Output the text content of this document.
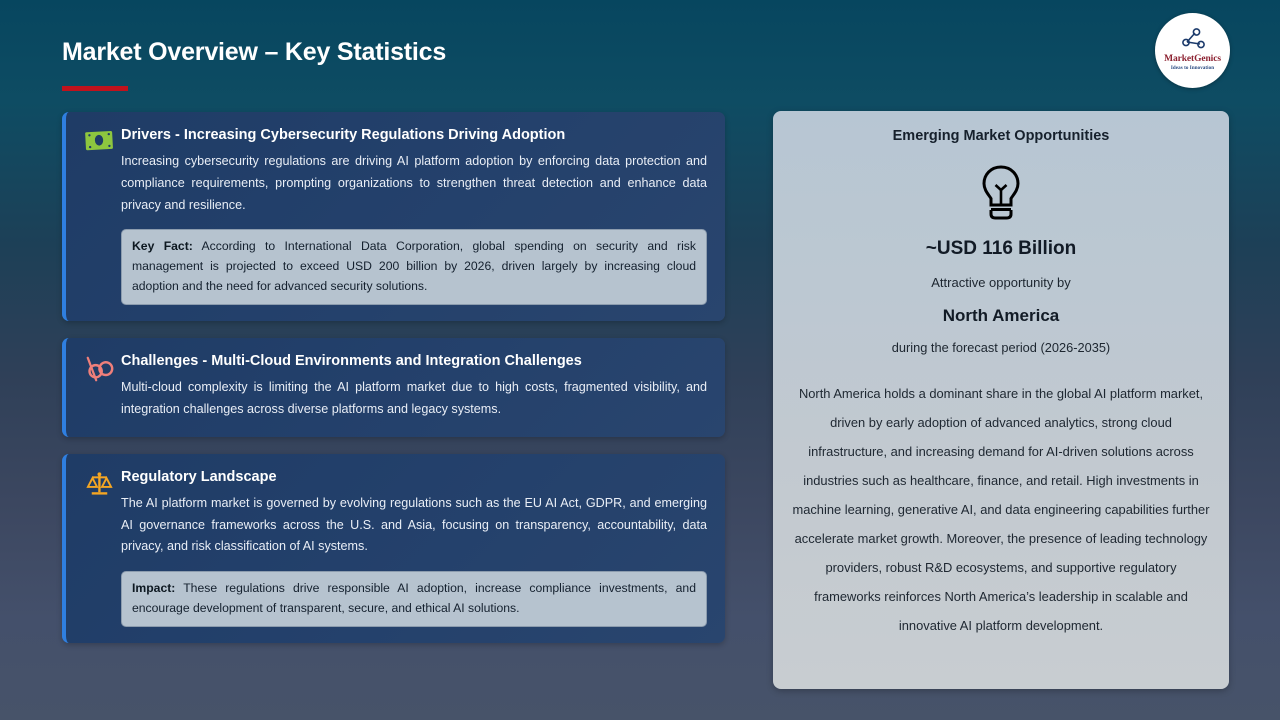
Market Overview – Key Statistics	MarketGenics
Ideas to Innovation
Drivers - Increasing Cybersecurity Regulations Driving Adoption
Increasing cybersecurity regulations are driving AI platform adoption by enforcing data protection and compliance requirements, prompting organizations to strengthen threat detection and enhance data privacy and resilience.
Key Fact: According to International Data Corporation, global spending on security and risk management is projected to exceed USD 200 billion by 2026, driven largely by increasing cloud adoption and the need for advanced security solutions.
Challenges - Multi-Cloud Environments and Integration Challenges
Multi-cloud complexity is limiting the AI platform market due to high costs, fragmented visibility, and integration challenges across diverse platforms and legacy systems.
Regulatory Landscape
The AI platform market is governed by evolving regulations such as the EU AI Act, GDPR, and emerging AI governance frameworks across the U.S. and Asia, focusing on transparency, accountability, data privacy, and risk classification of AI systems.
Impact: These regulations drive responsible AI adoption, increase compliance investments, and encourage development of transparent, secure, and ethical AI solutions.
Emerging Market Opportunities
~USD 116 Billion
Attractive opportunity by
North America
during the forecast period (2026-2035)
North America holds a dominant share in the global AI platform market, driven by early adoption of advanced analytics, strong cloud infrastructure, and increasing demand for AI-driven solutions across industries such as healthcare, finance, and retail. High investments in machine learning, generative AI, and data engineering capabilities further accelerate market growth. Moreover, the presence of leading technology providers, robust R&D ecosystems, and supportive regulatory frameworks reinforces North America’s leadership in scalable and innovative AI platform development.
